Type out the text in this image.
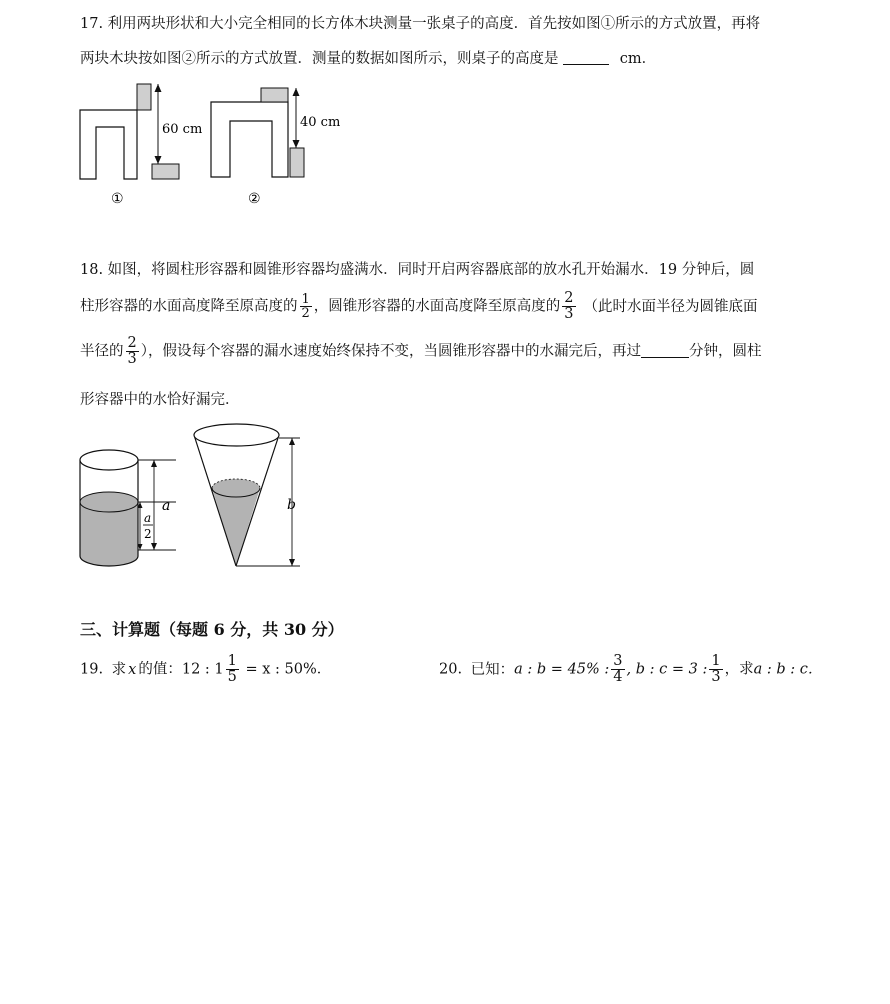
17. 利用两块形状和大小完全相同的长方体木块测量一张桌子的高度．首先按如图①所示的方式放置，再将
两块木块按如图②所示的方式放置．测量的数据如图所示，则桌子的高度是	cm．
60 cm
①
40 cm
②
18. 如图，将圆柱形容器和圆锥形容器均盛满水．同时开启两容器底部的放水孔开始漏水．19 分钟后，圆
柱形容器的水面高度降至原高度的 $\frac{1}{2}$ ，圆锥形容器的水面高度降至原高度的 $\frac{2}{3}$ （此时水面半径为圆锥底面
半径的 $\frac{2}{3}$ ），假设每个容器的漏水速度始终保持不变，当圆锥形容器中的水漏完后，再过	分钟，圆柱
形容器中的水恰好漏完．
a
a
2
b
三、计算题（每题 6 分，共 30 分）
19. 求 x 的值：12 : $1 \frac{1}{5} = x$ : 50%．	20. 已知：a : b = 45% : $\frac{3}{4}$ , b : c = 3 : $\frac{1}{3}$ ，求a : b : c．
